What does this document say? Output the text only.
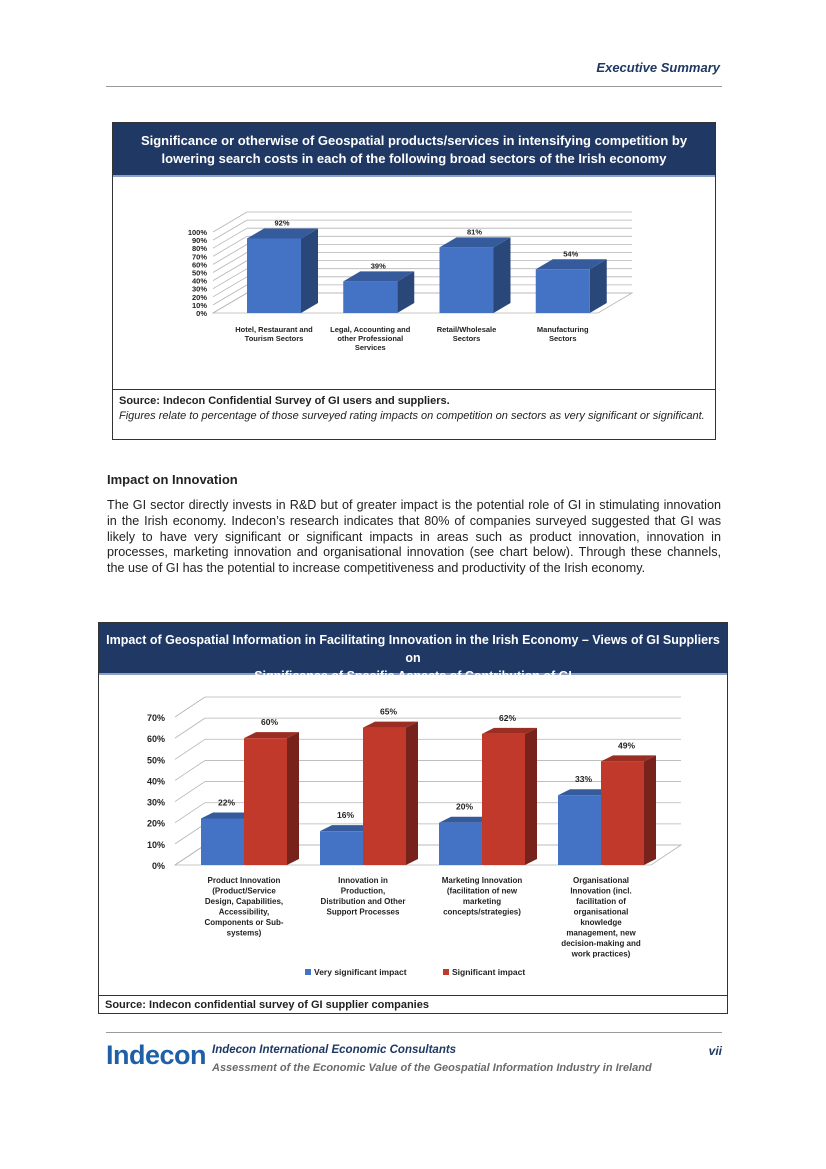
Executive Summary
Significance or otherwise of Geospatial products/services in intensifying competition by
lowering search costs in each of the following broad sectors of the Irish economy
0%
10%
20%
30%
40%
50%
60%
70%
80%
90%
100%
92%
Hotel, Restaurant and
Tourism Sectors
39%
Legal, Accounting and
other Professional
Services
81%
Retail/Wholesale
Sectors
54%
Manufacturing
Sectors
Source: Indecon Confidential Survey of GI users and suppliers.
Figures relate to percentage of those surveyed rating impacts on competition on sectors as very significant or significant.
Impact on Innovation
The GI sector directly invests in R&D but of greater impact is the potential role of GI in stimulating innovation in the Irish economy. Indecon’s research indicates that 80% of companies surveyed suggested that GI was likely to have very significant or significant impacts in areas such as product innovation, innovation in processes, marketing innovation and organisational innovation (see chart below). Through these channels, the use of GI has the potential to increase competitiveness and productivity of the Irish economy.
Impact of Geospatial Information in Facilitating Innovation in the Irish Economy – Views of GI Suppliers on
Significance of Specific Aspects of Contribution of GI
0%
10%
20%
30%
40%
50%
60%
70%
22%
60%
Product Innovation
(Product/Service
Design, Capabilities,
Accessibility,
Components or Sub-
systems)
16%
65%
Innovation in
Production,
Distribution and Other
Support Processes
20%
62%
Marketing Innovation
(facilitation of new
marketing
concepts/strategies)
33%
49%
Organisational
Innovation (incl.
facilitation of
organisational
knowledge
management, new
decision-making and
work practices)
Very significant impact	Significant impact
Source: Indecon confidential survey of GI supplier companies
Indecon Indecon International Economic Consultants
Assessment of the Economic Value of the Geospatial Information Industry in Ireland
vii
